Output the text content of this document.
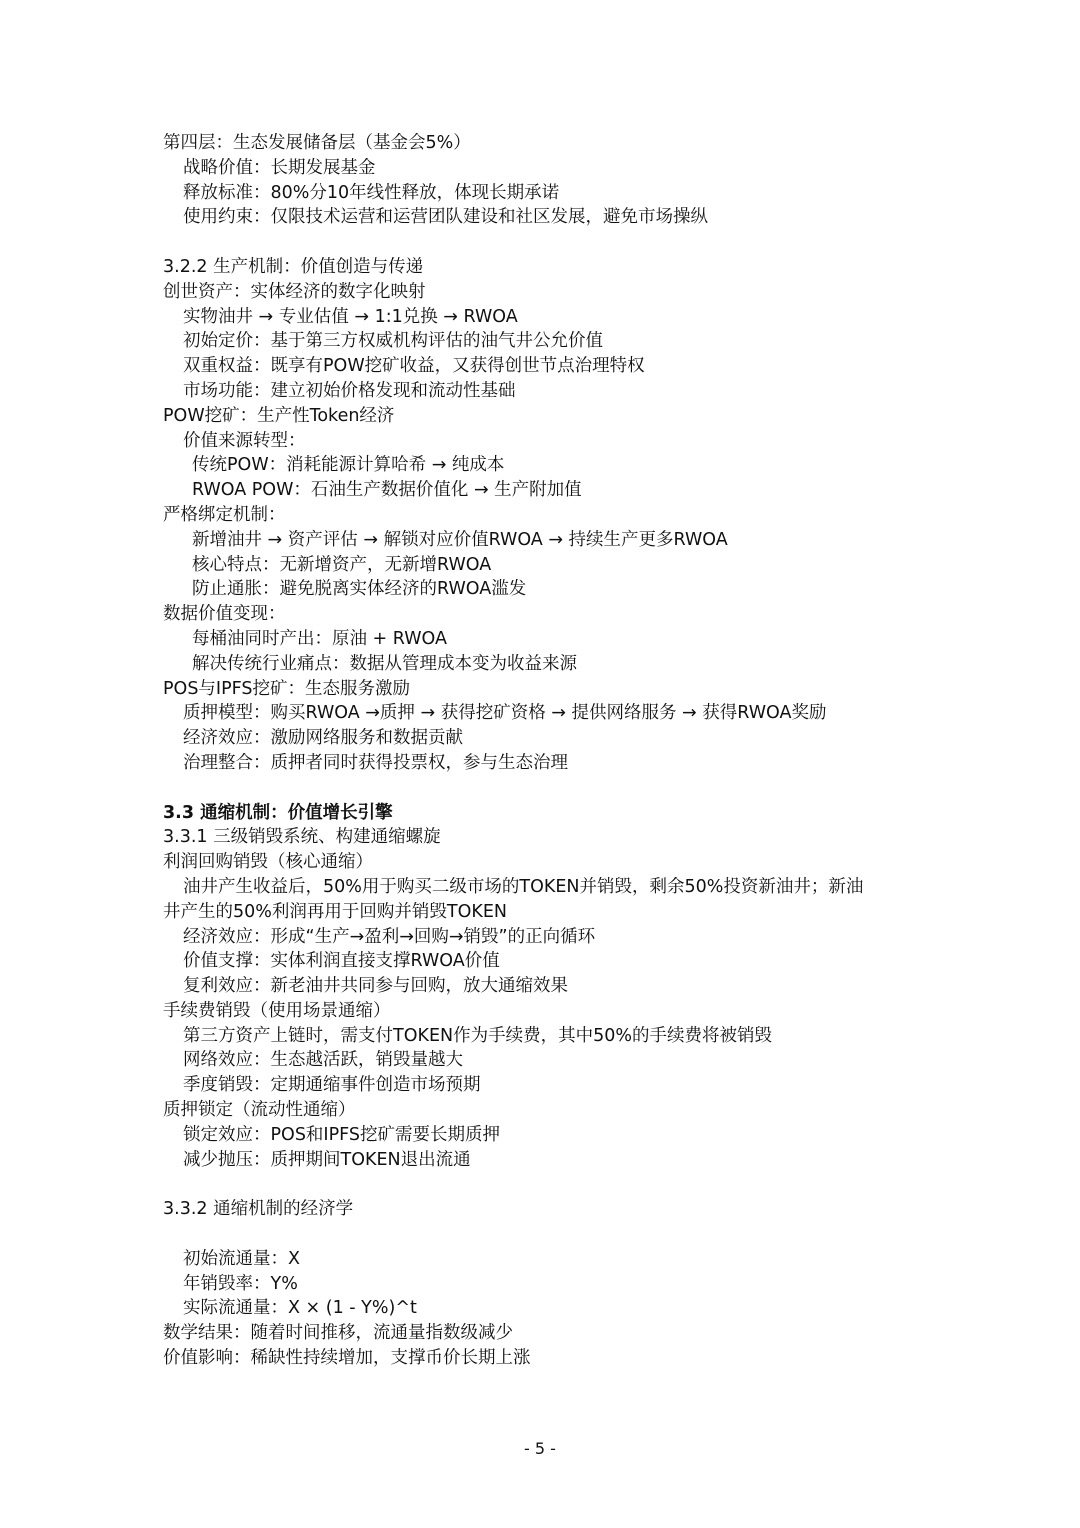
第四层：生态发展储备层（基金会5%）
战略价值：长期发展基金
释放标准：80%分10年线性释放，体现长期承诺
使用约束：仅限技术运营和运营团队建设和社区发展，避免市场操纵
3.2.2 生产机制：价值创造与传递
创世资产：实体经济的数字化映射
实物油井 → 专业估值 → 1:1兑换 → RWOA
初始定价：基于第三方权威机构评估的油气井公允价值
双重权益：既享有POW挖矿收益，又获得创世节点治理特权
市场功能：建立初始价格发现和流动性基础
POW挖矿：生产性Token经济
价值来源转型：
传统POW：消耗能源计算哈希 → 纯成本
RWOA POW：石油生产数据价值化 → 生产附加值
严格绑定机制：
新增油井 → 资产评估 → 解锁对应价值RWOA → 持续生产更多RWOA
核心特点：无新增资产，无新增RWOA
防止通胀：避免脱离实体经济的RWOA滥发
数据价值变现：
每桶油同时产出：原油 + RWOA
解决传统行业痛点：数据从管理成本变为收益来源
POS与IPFS挖矿：生态服务激励
质押模型：购买RWOA →质押 → 获得挖矿资格 → 提供网络服务 → 获得RWOA奖励
经济效应：激励网络服务和数据贡献
治理整合：质押者同时获得投票权，参与生态治理
3.3 通缩机制：价值增长引擎
3.3.1 三级销毁系统、构建通缩螺旋
利润回购销毁（核心通缩）
油井产生收益后，50%用于购买二级市场的TOKEN并销毁，剩余50%投资新油井；新油
井产生的50%利润再用于回购并销毁TOKEN
经济效应：形成“生产→盈利→回购→销毁”的正向循环
价值支撑：实体利润直接支撑RWOA价值
复利效应：新老油井共同参与回购，放大通缩效果
手续费销毁（使用场景通缩）
第三方资产上链时，需支付TOKEN作为手续费，其中50%的手续费将被销毁
网络效应：生态越活跃，销毁量越大
季度销毁：定期通缩事件创造市场预期
质押锁定（流动性通缩）
锁定效应：POS和IPFS挖矿需要长期质押
减少抛压：质押期间TOKEN退出流通
3.3.2 通缩机制的经济学
初始流通量：X
年销毁率：Y%
实际流通量：X × (1 - Y%)^t
数学结果：随着时间推移，流通量指数级减少
价值影响：稀缺性持续增加，支撑币价长期上涨
- 5 -
